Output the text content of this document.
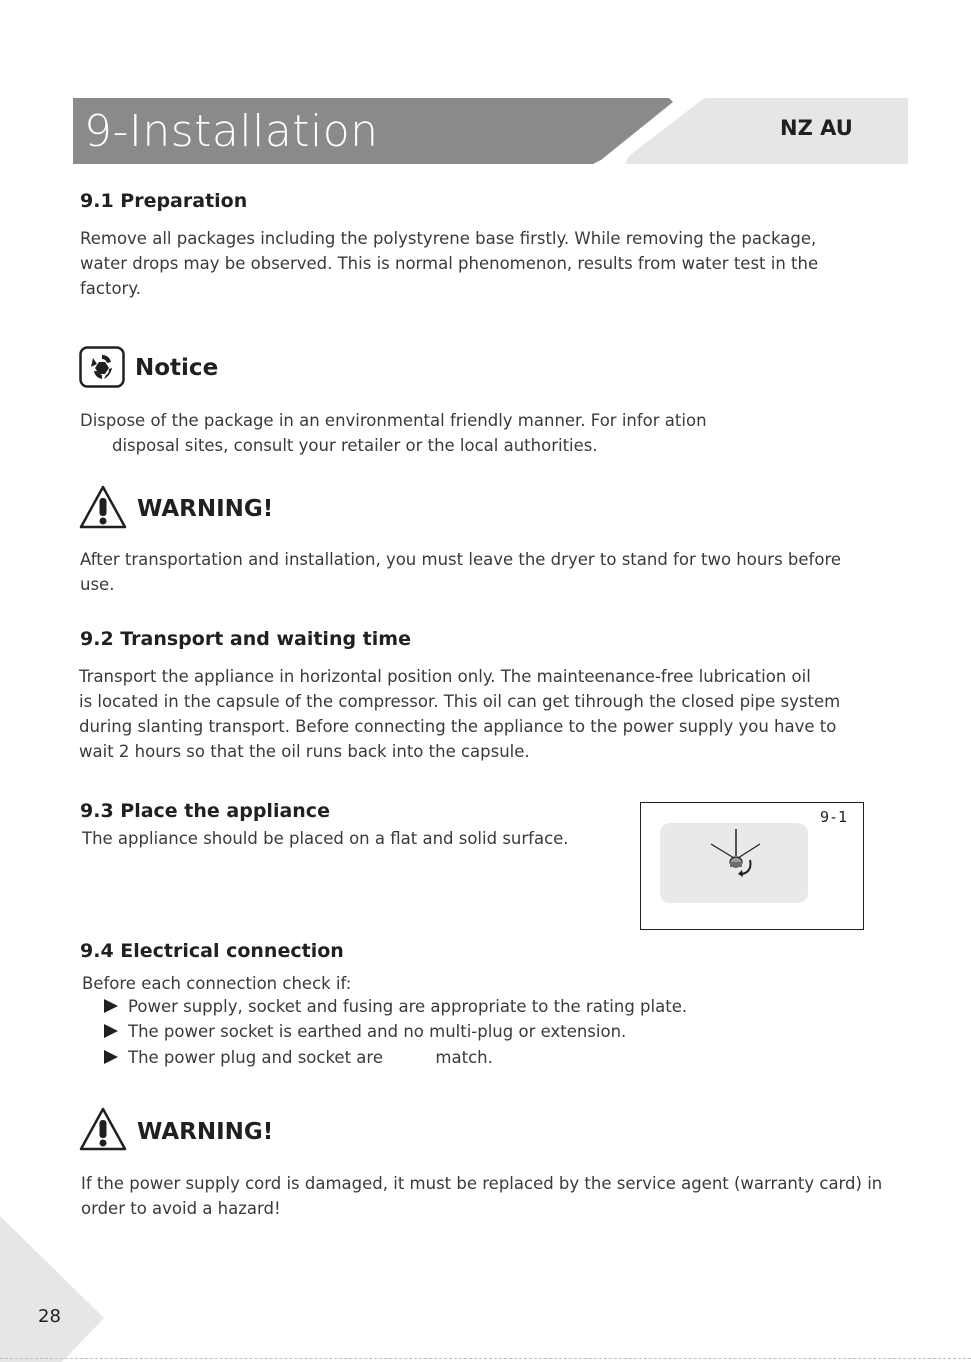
9-Installation	NZ AU
9.1 Preparation

Remove all packages including the polystyrene base firstly. While removing the package,
water drops may be observed. This is normal phenomenon, results from water test in the
factory.

Notice

Dispose of the package in an environmental friendly manner. For infor ation
disposal sites, consult your retailer or the local authorities.

WARNING!

After transportation and installation, you must leave the dryer to stand for two hours before
use.

9.2 Transport and waiting time

Transport the appliance in horizontal position only. The mainteenance-free lubrication oil
is located in the capsule of the compressor. This oil can get tihrough the closed pipe system
during slanting transport. Before connecting the appliance to the power supply you have to
wait 2 hours so that the oil runs back into the capsule.

9.3 Place the appliance

The appliance should be placed on a flat and solid surface.

9-1
9.4 Electrical connection

Before each connection check if:

Power supply, socket and fusing are appropriate to the rating plate.
The power socket is earthed and no multi-plug or extension.
The power plug and socket are          match.
WARNING!

If the power supply cord is damaged, it must be replaced by the service agent (warranty card) in
order to avoid a hazard!

28
